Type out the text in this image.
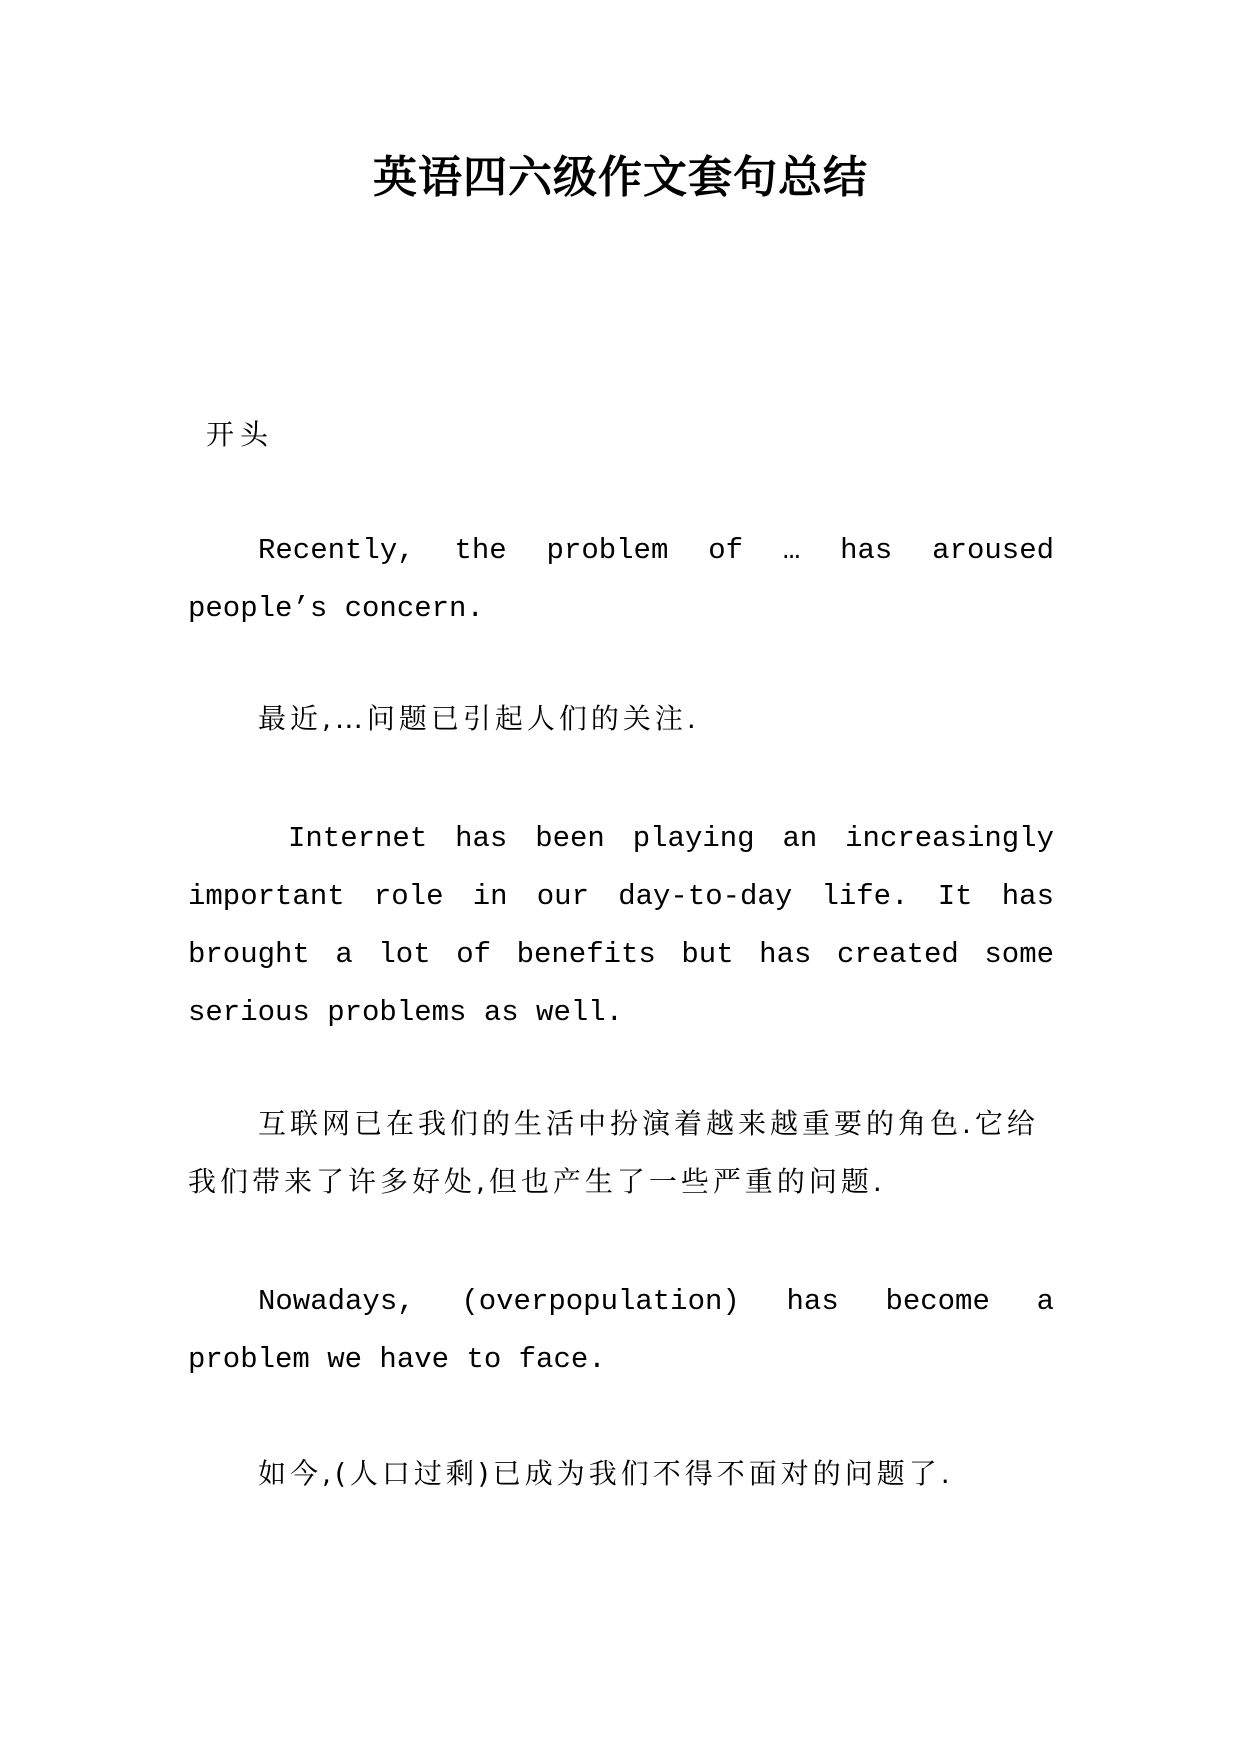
英语四六级作文套句总结
开头

Recently, the problem of … has aroused people’s concern.

最近,…问题已引起人们的关注.

Internet has been playing an increasingly important role in our day-to-day life. It has brought a lot of benefits but has created some serious problems as well.

互联网已在我们的生活中扮演着越来越重要的角色.它给我们带来了许多好处,但也产生了一些严重的问题.

Nowadays, (overpopulation) has become a problem we have to face.

如今,(人口过剩)已成为我们不得不面对的问题了.
